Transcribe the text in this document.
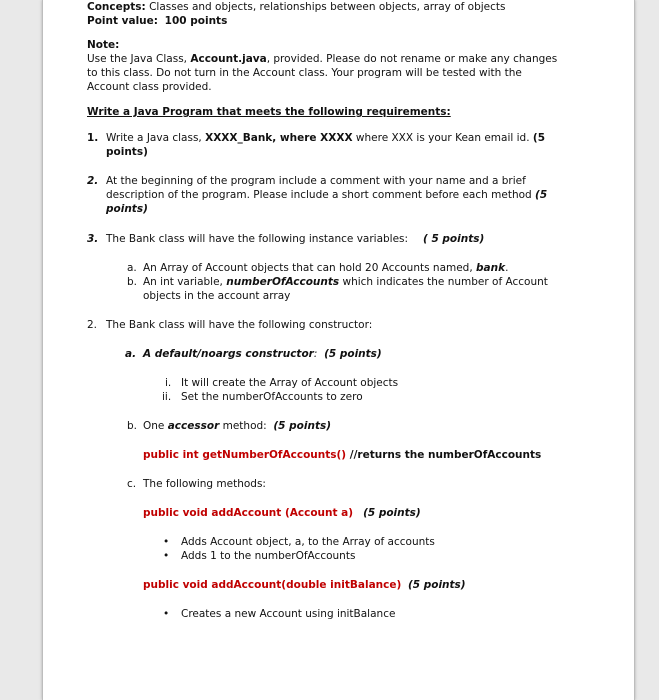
Concepts: Classes and objects, relationships between objects, array of objects
Point value: 100 points
Note:
Use the Java Class, Account.java, provided. Please do not rename or make any changes
to this class. Do not turn in the Account class. Your program will be tested with the
Account class provided.
Write a Java Program that meets the following requirements:
1. Write a Java class, XXXX_Bank, where XXXX where XXX is your Kean email id. (5
points)
2. At the beginning of the program include a comment with your name and a brief
description of the program. Please include a short comment before each method (5
points)
3. The Bank class will have the following instance variables: ( 5 points)
a. An Array of Account objects that can hold 20 Accounts named, bank.
b. An int variable, numberOfAccounts which indicates the number of Account
objects in the account array
2. The Bank class will have the following constructor:
a. A default/noargs constructor: (5 points)
i. It will create the Array of Account objects
ii. Set the numberOfAccounts to zero
b. One accessor method:  (5 points)
public int getNumberOfAccounts() //returns the numberOfAccounts
c. The following methods:
public void addAccount (Account a) (5 points)
• Adds Account object, a, to the Array of accounts
• Adds 1 to the numberOfAccounts
public void addAccount(double initBalance) (5 points)
• Creates a new Account using initBalance
